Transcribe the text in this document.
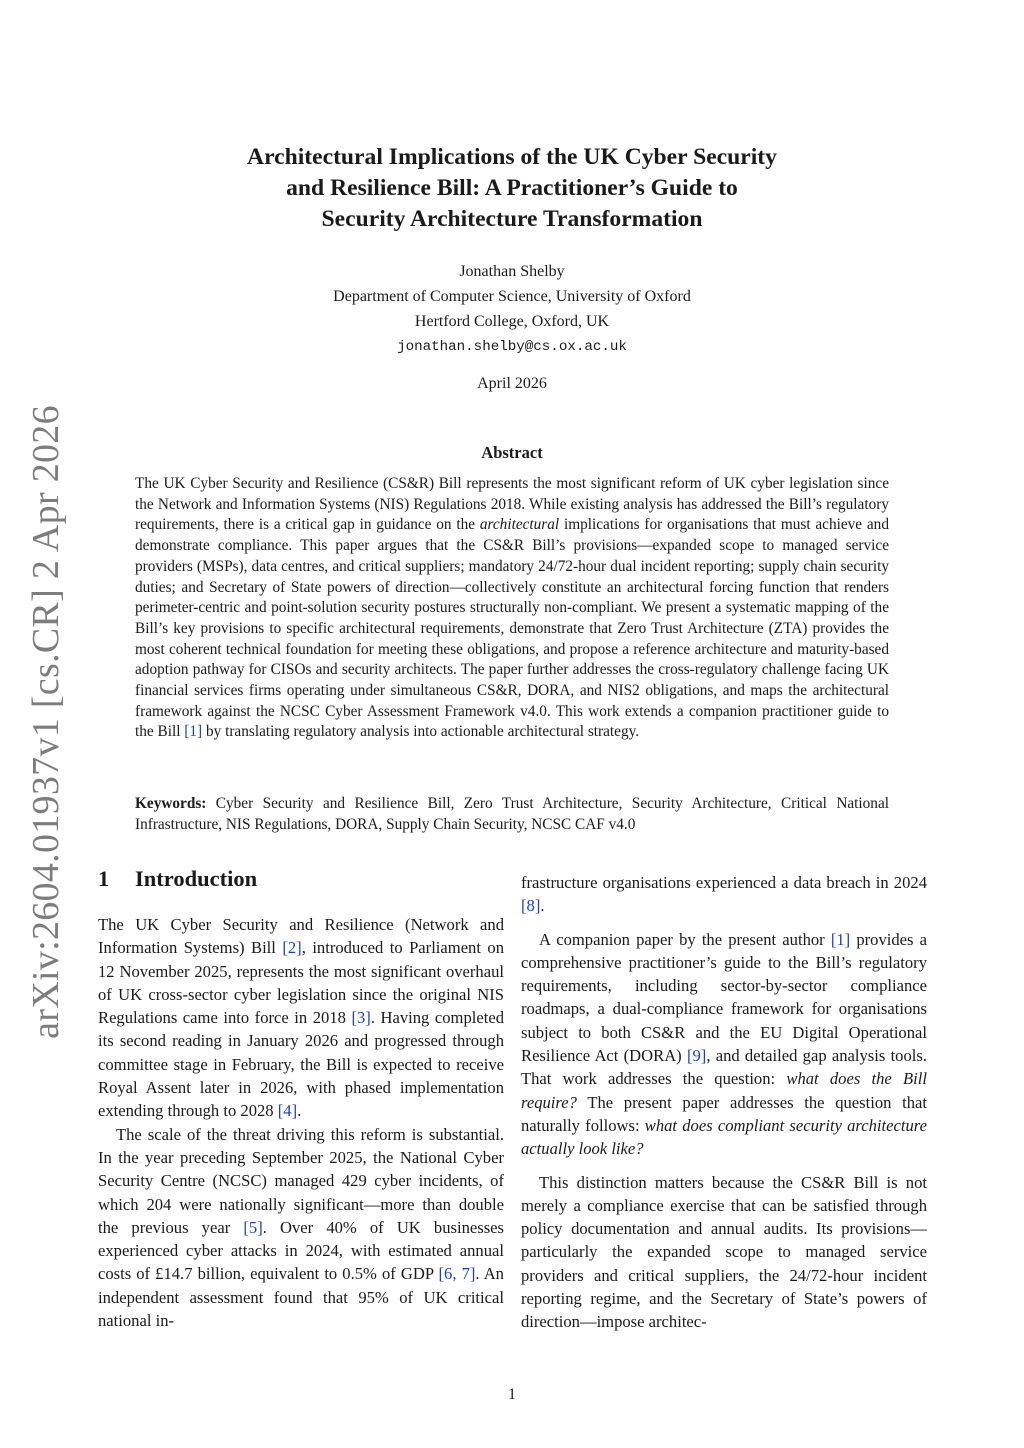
arXiv:2604.01937v1 [cs.CR] 2 Apr 2026
Architectural Implications of the UK Cyber Security
and Resilience Bill: A Practitioner’s Guide to
Security Architecture Transformation
Jonathan Shelby
Department of Computer Science, University of Oxford
Hertford College, Oxford, UK
jonathan.shelby@cs.ox.ac.uk
April 2026
Abstract
The UK Cyber Security and Resilience (CS&R) Bill represents the most significant reform of UK cyber legislation since the Network and Information Systems (NIS) Regulations 2018. While existing analysis has addressed the Bill’s regulatory requirements, there is a critical gap in guidance on the architectural implications for organisations that must achieve and demonstrate compliance. This paper argues that the CS&R Bill’s provisions—expanded scope to managed service providers (MSPs), data centres, and critical suppliers; mandatory 24/72-hour dual incident reporting; supply chain security duties; and Secretary of State powers of direction—collectively constitute an architectural forcing function that renders perimeter-centric and point-solution security postures structurally non-compliant. We present a systematic mapping of the Bill’s key provisions to specific architectural requirements, demonstrate that Zero Trust Architecture (ZTA) provides the most coherent technical foundation for meeting these obligations, and propose a reference architecture and maturity-based adoption pathway for CISOs and security architects. The paper further addresses the cross-regulatory challenge facing UK financial services firms operating under simultaneous CS&R, DORA, and NIS2 obligations, and maps the architectural framework against the NCSC Cyber Assessment Framework v4.0. This work extends a companion practitioner guide to the Bill [1] by translating regulatory analysis into actionable architectural strategy.
Keywords: Cyber Security and Resilience Bill, Zero Trust Architecture, Security Architecture, Critical National Infrastructure, NIS Regulations, DORA, Supply Chain Security, NCSC CAF v4.0
1 Introduction

The UK Cyber Security and Resilience (Network and Information Systems) Bill [2], introduced to Parliament on 12 November 2025, represents the most significant overhaul of UK cross-sector cyber legislation since the original NIS Regulations came into force in 2018 [3]. Having completed its second reading in January 2026 and progressed through committee stage in February, the Bill is expected to receive Royal Assent later in 2026, with phased implementation extending through to 2028 [4].

The scale of the threat driving this reform is substantial. In the year preceding September 2025, the National Cyber Security Centre (NCSC) managed 429 cyber incidents, of which 204 were nationally significant—more than double the previous year [5]. Over 40% of UK businesses experienced cyber attacks in 2024, with estimated annual costs of £14.7 billion, equivalent to 0.5% of GDP [6, 7]. An independent assessment found that 95% of UK critical national in-

frastructure organisations experienced a data breach in 2024 [8].

A companion paper by the present author [1] provides a comprehensive practitioner’s guide to the Bill’s regulatory requirements, including sector-by-sector compliance roadmaps, a dual-compliance framework for organisations subject to both CS&R and the EU Digital Operational Resilience Act (DORA) [9], and detailed gap analysis tools. That work addresses the question: what does the Bill require? The present paper addresses the question that naturally follows: what does compliant security architecture actually look like?

This distinction matters because the CS&R Bill is not merely a compliance exercise that can be satisfied through policy documentation and annual audits. Its provisions—particularly the expanded scope to managed service providers and critical suppliers, the 24/72-hour incident reporting regime, and the Secretary of State’s powers of direction—impose architec-

1
